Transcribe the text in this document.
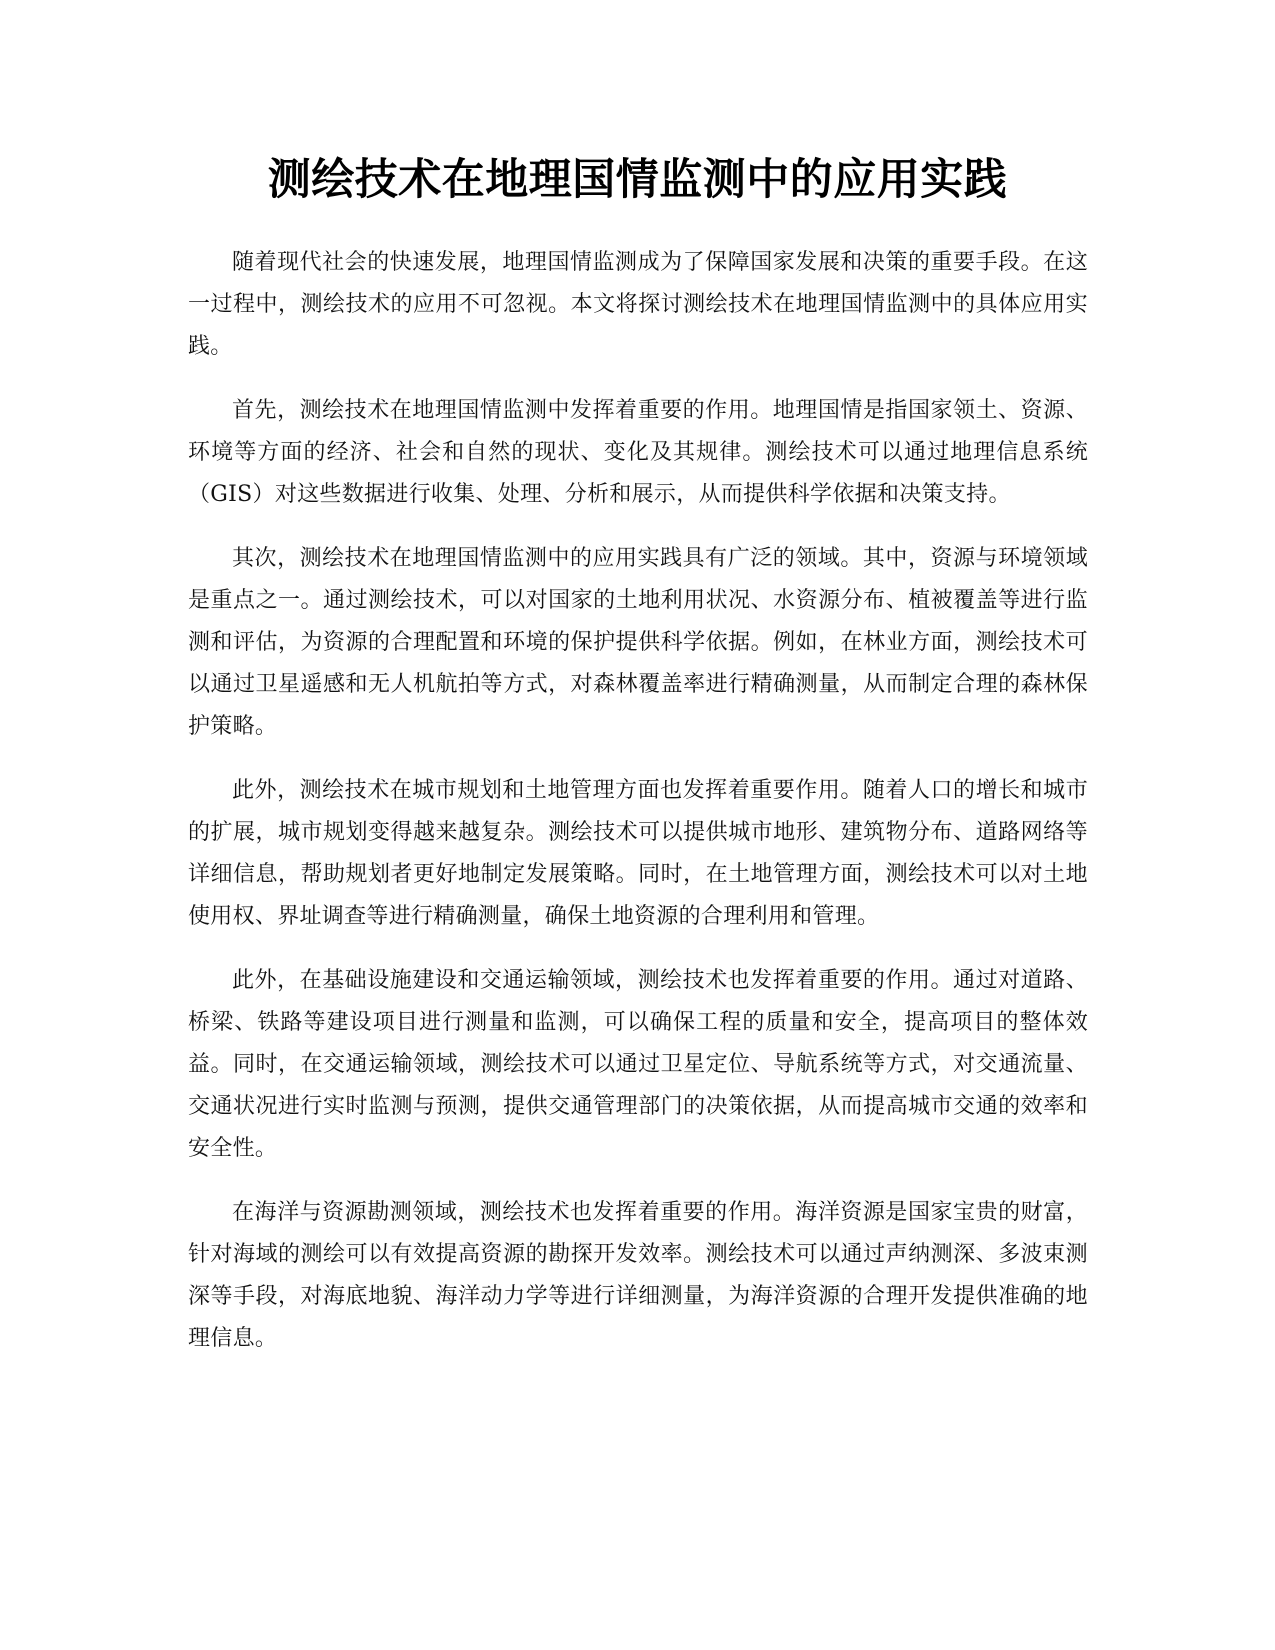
测绘技术在地理国情监测中的应用实践

随着现代社会的快速发展，地理国情监测成为了保障国家发展和决策的重要手段。在这一过程中，测绘技术的应用不可忽视。本文将探讨测绘技术在地理国情监测中的具体应用实践。

首先，测绘技术在地理国情监测中发挥着重要的作用。地理国情是指国家领土、资源、环境等方面的经济、社会和自然的现状、变化及其规律。测绘技术可以通过地理信息系统（GIS）对这些数据进行收集、处理、分析和展示，从而提供科学依据和决策支持。

其次，测绘技术在地理国情监测中的应用实践具有广泛的领域。其中，资源与环境领域是重点之一。通过测绘技术，可以对国家的土地利用状况、水资源分布、植被覆盖等进行监测和评估，为资源的合理配置和环境的保护提供科学依据。例如，在林业方面，测绘技术可以通过卫星遥感和无人机航拍等方式，对森林覆盖率进行精确测量，从而制定合理的森林保护策略。

此外，测绘技术在城市规划和土地管理方面也发挥着重要作用。随着人口的增长和城市的扩展，城市规划变得越来越复杂。测绘技术可以提供城市地形、建筑物分布、道路网络等详细信息，帮助规划者更好地制定发展策略。同时，在土地管理方面，测绘技术可以对土地使用权、界址调查等进行精确测量，确保土地资源的合理利用和管理。

此外，在基础设施建设和交通运输领域，测绘技术也发挥着重要的作用。通过对道路、桥梁、铁路等建设项目进行测量和监测，可以确保工程的质量和安全，提高项目的整体效益。同时，在交通运输领域，测绘技术可以通过卫星定位、导航系统等方式，对交通流量、交通状况进行实时监测与预测，提供交通管理部门的决策依据，从而提高城市交通的效率和安全性。

在海洋与资源勘测领域，测绘技术也发挥着重要的作用。海洋资源是国家宝贵的财富，针对海域的测绘可以有效提高资源的勘探开发效率。测绘技术可以通过声纳测深、多波束测深等手段，对海底地貌、海洋动力学等进行详细测量，为海洋资源的合理开发提供准确的地理信息。
